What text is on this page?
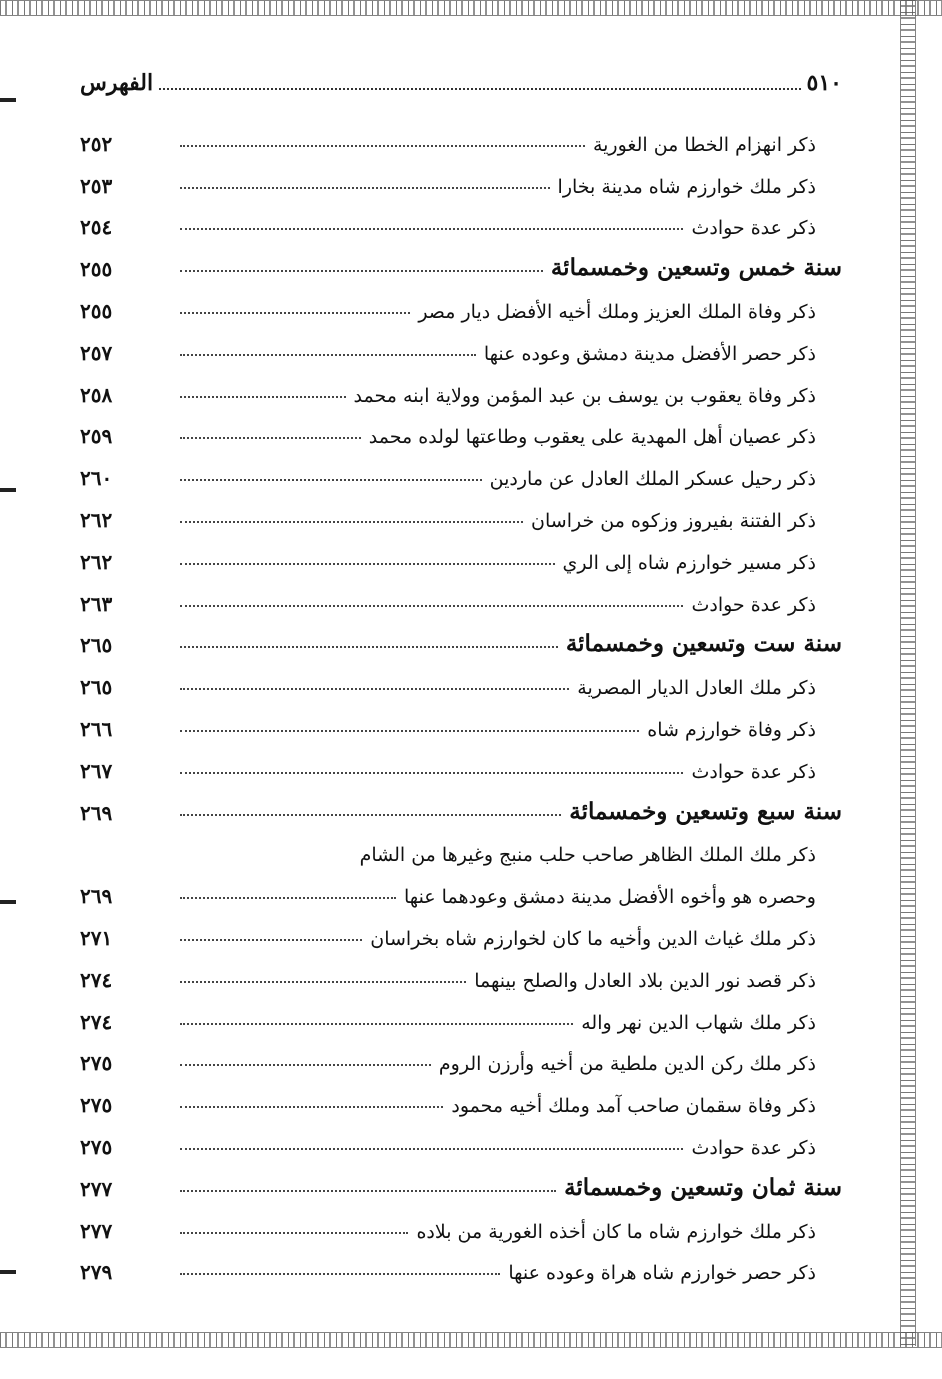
٥١٠
الفهرس
ذكر انهزام الخطا من الغورية
٢٥٢
ذكر ملك خوارزم شاه مدينة بخارا
٢٥٣
ذكر عدة حوادث
٢٥٤
سنة خمس وتسعين وخمسمائة
٢٥٥
ذكر وفاة الملك العزيز وملك أخيه الأفضل ديار مصر
٢٥٥
ذكر حصر الأفضل مدينة دمشق وعوده عنها
٢٥٧
ذكر وفاة يعقوب بن يوسف بن عبد المؤمن وولاية ابنه محمد
٢٥٨
ذكر عصيان أهل المهدية على يعقوب وطاعتها لولده محمد
٢٥٩
ذكر رحيل عسكر الملك العادل عن ماردين
٢٦٠
ذكر الفتنة بفيروز وزكوه من خراسان
٢٦٢
ذكر مسير خوارزم شاه إلى الري
٢٦٢
ذكر عدة حوادث
٢٦٣
سنة ست وتسعين وخمسمائة
٢٦٥
ذكر ملك العادل الديار المصرية
٢٦٥
ذكر وفاة خوارزم شاه
٢٦٦
ذكر عدة حوادث
٢٦٧
سنة سبع وتسعين وخمسمائة
٢٦٩
ذكر ملك الملك الظاهر صاحب حلب منبج وغيرها من الشام
وحصره هو وأخوه الأفضل مدينة دمشق وعودهما عنها
٢٦٩
ذكر ملك غياث الدين وأخيه ما كان لخوارزم شاه بخراسان
٢٧١
ذكر قصد نور الدين بلاد العادل والصلح بينهما
٢٧٤
ذكر ملك شهاب الدين نهر واله
٢٧٤
ذكر ملك ركن الدين ملطية من أخيه وأرزن الروم
٢٧٥
ذكر وفاة سقمان صاحب آمد وملك أخيه محمود
٢٧٥
ذكر عدة حوادث
٢٧٥
سنة ثمان وتسعين وخمسمائة
٢٧٧
ذكر ملك خوارزم شاه ما كان أخذه الغورية من بلاده
٢٧٧
ذكر حصر خوارزم شاه هراة وعوده عنها
٢٧٩
